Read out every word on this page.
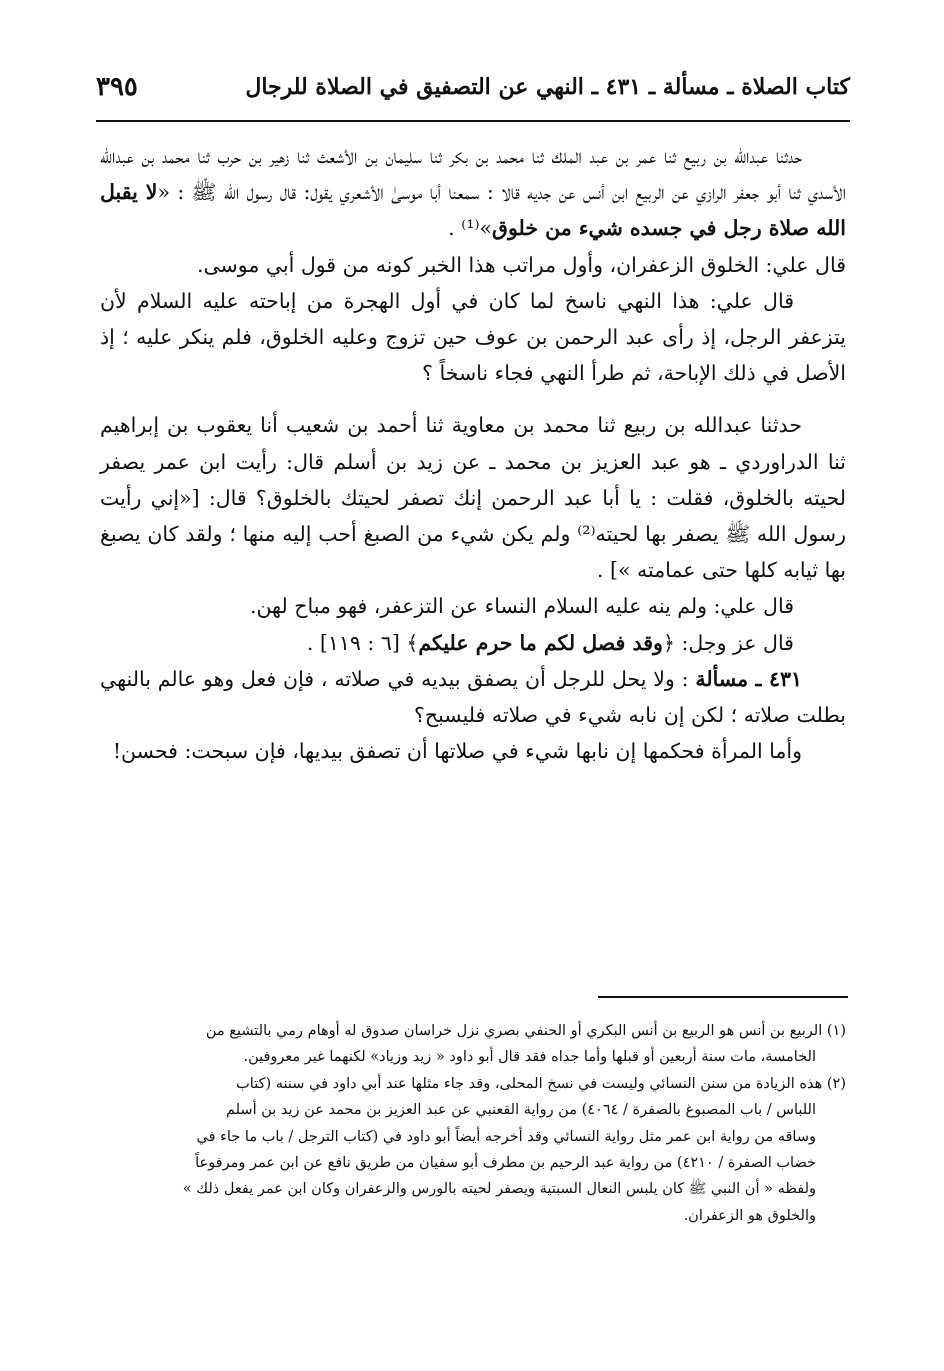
كتاب الصلاة ـ مسألة ـ ٤٣١ ـ النهي عن التصفيق في الصلاة للرجال
٣٩٥

حدثنا عبدالله بن ربيع ثنا عمر بن عبد الملك ثنا محمد بن بكر ثنا سليمان بن الأشعث ثنا زهير بن حرب ثنا محمد بن عبدالله الأسدي ثنا أبو جعفر الرازي عن الربيع ابن أنس عن جديه قالا : سمعنا أبا موسىٰ الأشعري يقول: قال رسول الله ﷺ : «لا يقبل الله صلاة رجل في جسده شيء من خلوق»⁽¹⁾ .

قال علي: الخلوق الزعفران، وأول مراتب هذا الخبر كونه من قول أبي موسى.

قال علي: هذا النهي ناسخ لما كان في أول الهجرة من إباحته عليه السلام لأن يتزعفر الرجل، إذ رأى عبد الرحمن بن عوف حين تزوج وعليه الخلوق، فلم ينكر عليه ؛ إذ الأصل في ذلك الإباحة، ثم طرأ النهي فجاء ناسخاً ؟

حدثنا عبدالله بن ربيع ثنا محمد بن معاوية ثنا أحمد بن شعيب أنا يعقوب بن إبراهيم ثنا الدراوردي ـ هو عبد العزيز بن محمد ـ عن زيد بن أسلم قال: رأيت ابن عمر يصفر لحيته بالخلوق، فقلت : يا أبا عبد الرحمن إنك تصفر لحيتك بالخلوق؟ قال: [«إني رأيت رسول الله ﷺ يصفر بها لحيته⁽²⁾ ولم يكن شيء من الصبغ أحب إليه منها ؛ ولقد كان يصبغ بها ثيابه كلها حتى عمامته »] .

قال علي: ولم ينه عليه السلام النساء عن التزعفر، فهو مباح لهن.

قال عز وجل: ﴿وقد فصل لكم ما حرم عليكم﴾ [٦ : ١١٩] .

٤٣١ ـ مسألة : ولا يحل للرجل أن يصفق بيديه في صلاته ، فإن فعل وهو عالم بالنهي بطلت صلاته ؛ لكن إن نابه شيء في صلاته فليسبح؟

وأما المرأة فحكمها إن نابها شيء في صلاتها أن تصفق بيديها، فإن سبحت: فحسن!

(١) الربيع بن أنس هو الربيع بن أنس البكري أو الحنفي بصري نزل خراسان صدوق له أوهام رمي بالتشيع من
الخامسة، مات سنة أربعين أو قبلها وأما جداه فقد قال أبو داود « زيد وزياد» لكنهما غير معروفين.

(٢) هذه الزيادة من سنن النسائي وليست في نسخ المحلى، وقد جاء مثلها عند أبي داود في سننه (كتاب
اللباس / باب المصبوغ بالصفرة / ٤٠٦٤) من رواية القعنبي عن عبد العزيز بن محمد عن زيد بن أسلم
وساقه من رواية ابن عمر مثل رواية النسائي وقد أخرجه أيضاً أبو داود في (كتاب الترجل / باب ما جاء في
خضاب الصفرة / ٤٢١٠) من رواية عبد الرحيم بن مطرف أبو سفيان من طريق نافع عن ابن عمر ومرفوعاً
ولفظه « أن النبي ﷺ كان يلبس النعال السبتية ويصفر لحيته بالورس والزعفران وكان ابن عمر يفعل ذلك »
والخلوق هو الزعفران.
